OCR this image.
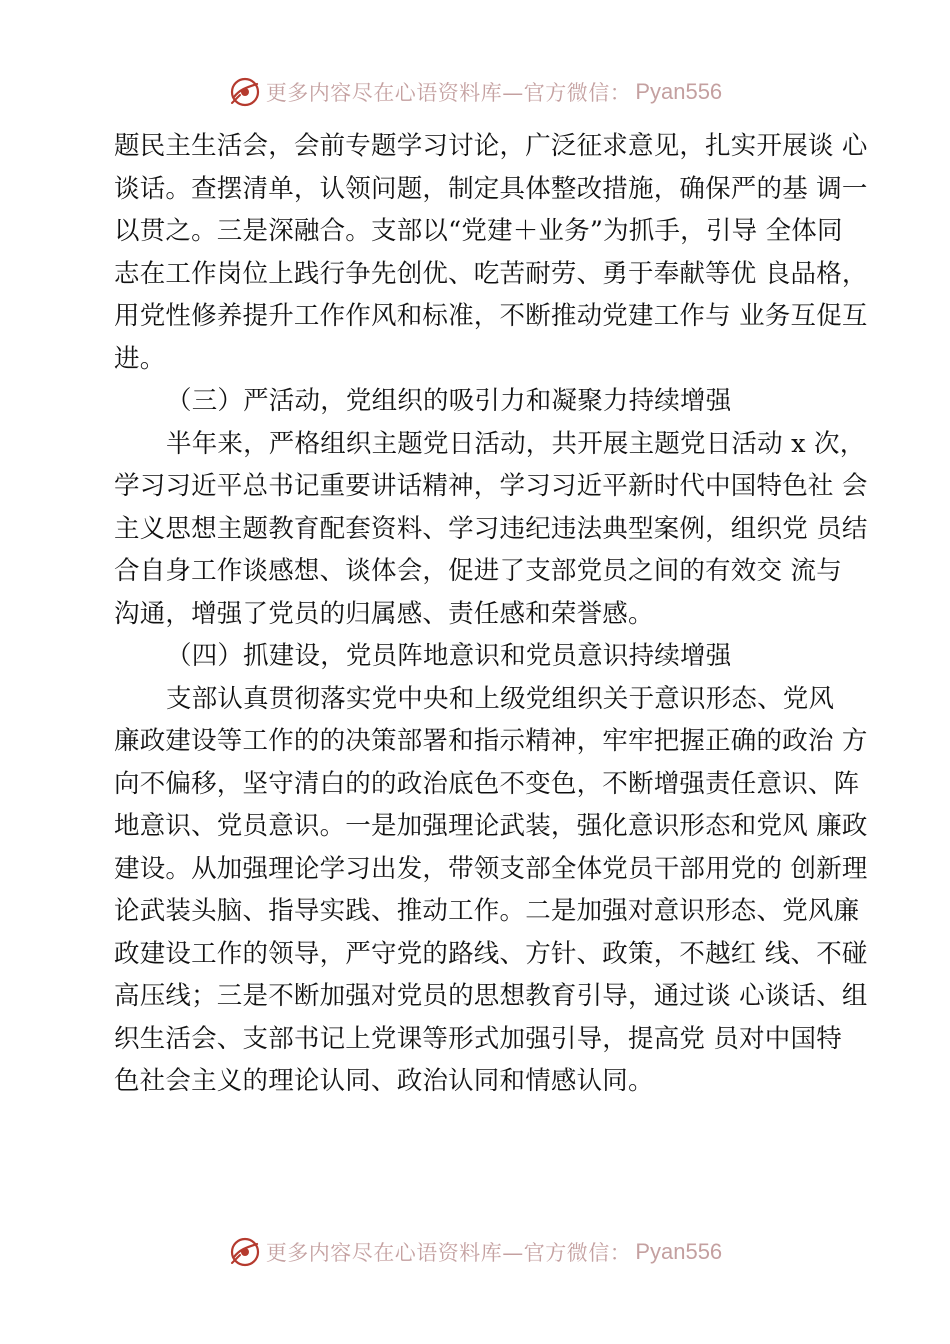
更多内容尽在心语资料库—官方微信： Pyan556
题民主生活会，会前专题学习讨论，广泛征求意见，扎实开展谈 心
谈话。查摆清单，认领问题，制定具体整改措施，确保严的基 调一
以贯之。三是深融合。支部以“党建＋业务”为抓手，引导 全体同
志在工作岗位上践行争先创优、吃苦耐劳、勇于奉献等优 良品格，
用党性修养提升工作作风和标准，不断推动党建工作与 业务互促互
进。
（三）严活动，党组织的吸引力和凝聚力持续增强
半年来，严格组织主题党日活动，共开展主题党日活动 x 次，
学习习近平总书记重要讲话精神，学习习近平新时代中国特色社 会
主义思想主题教育配套资料、学习违纪违法典型案例，组织党 员结
合自身工作谈感想、谈体会，促进了支部党员之间的有效交 流与
沟通，增强了党员的归属感、责任感和荣誉感。
（四）抓建设，党员阵地意识和党员意识持续增强
支部认真贯彻落实党中央和上级党组织关于意识形态、党风
廉政建设等工作的的决策部署和指示精神，牢牢把握正确的政治 方
向不偏移，坚守清白的的政治底色不变色，不断增强责任意识、阵
地意识、党员意识。一是加强理论武装，强化意识形态和党风 廉政
建设。从加强理论学习出发，带领支部全体党员干部用党的 创新理
论武装头脑、指导实践、推动工作。二是加强对意识形态、党风廉
政建设工作的领导，严守党的路线、方针、政策，不越红 线、不碰
高压线；三是不断加强对党员的思想教育引导，通过谈 心谈话、组
织生活会、支部书记上党课等形式加强引导，提高党 员对中国特
色社会主义的理论认同、政治认同和情感认同。
更多内容尽在心语资料库—官方微信： Pyan556
